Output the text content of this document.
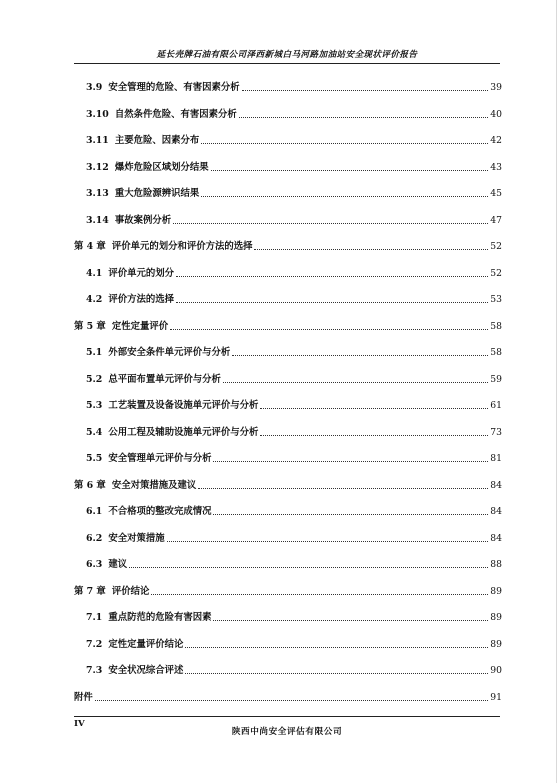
延长壳牌石油有限公司泽西新城白马河路加油站安全现状评价报告
3.9 安全管理的危险、有害因素分析	39
3.10 自然条件危险、有害因素分析	40
3.11 主要危险、因素分布	42
3.12 爆炸危险区域划分结果	43
3.13 重大危险源辨识结果	45
3.14 事故案例分析	47
第 4 章 评价单元的划分和评价方法的选择	52
4.1 评价单元的划分	52
4.2 评价方法的选择	53
第 5 章 定性定量评价	58
5.1 外部安全条件单元评价与分析	58
5.2 总平面布置单元评价与分析	59
5.3 工艺装置及设备设施单元评价与分析	61
5.4 公用工程及辅助设施单元评价与分析	73
5.5 安全管理单元评价与分析	81
第 6 章 安全对策措施及建议	84
6.1 不合格项的整改完成情况	84
6.2 安全对策措施	84
6.3 建议	88
第 7 章 评价结论	89
7.1 重点防范的危险有害因素	89
7.2 定性定量评价结论	89
7.3 安全状况综合评述	90
附件	91
IV
陕西中尚安全评估有限公司
